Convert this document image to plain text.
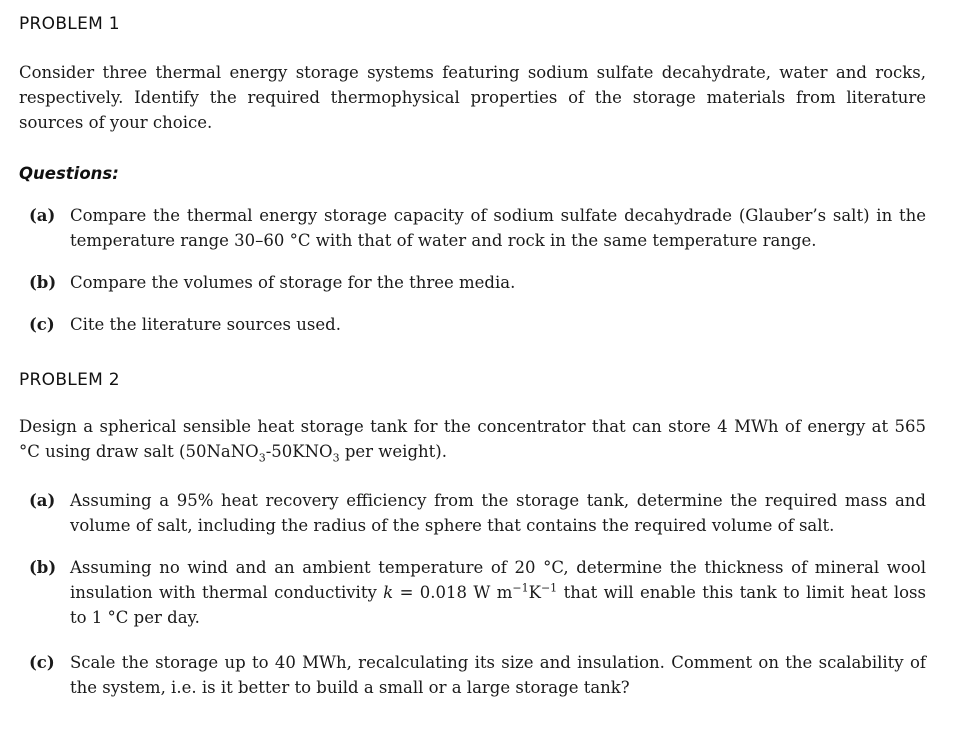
PROBLEM 1
Consider three thermal energy storage systems featuring sodium sulfate decahydrate, water and rocks, respectively. Identify the required thermophysical properties of the storage materials from literature sources of your choice.
Questions:
(a) Compare the thermal energy storage capacity of sodium sulfate decahydrade (Glauber’s salt) in the temperature range 30–60 °C with that of water and rock in the same temperature range.
(b) Compare the volumes of storage for the three media.
(c) Cite the literature sources used.
PROBLEM 2
Design a spherical sensible heat storage tank for the concentrator that can store 4 MWh of energy at 565 °C using draw salt ($50NaNO_3-50KNO_3$ per weight).
(a) Assuming a 95% heat recovery efficiency from the storage tank, determine the required mass and volume of salt, including the radius of the sphere that contains the required volume of salt.
(b) Assuming no wind and an ambient temperature of 20 °C, determine the thickness of mineral wool insulation with thermal conductivity k = 0.018 W $m^{-1}K^{-1}$ that will enable this tank to limit heat loss to 1 °C per day.
(c) Scale the storage up to 40 MWh, recalculating its size and insulation. Comment on the scalability of the system, i.e. is it better to build a small or a large storage tank?
